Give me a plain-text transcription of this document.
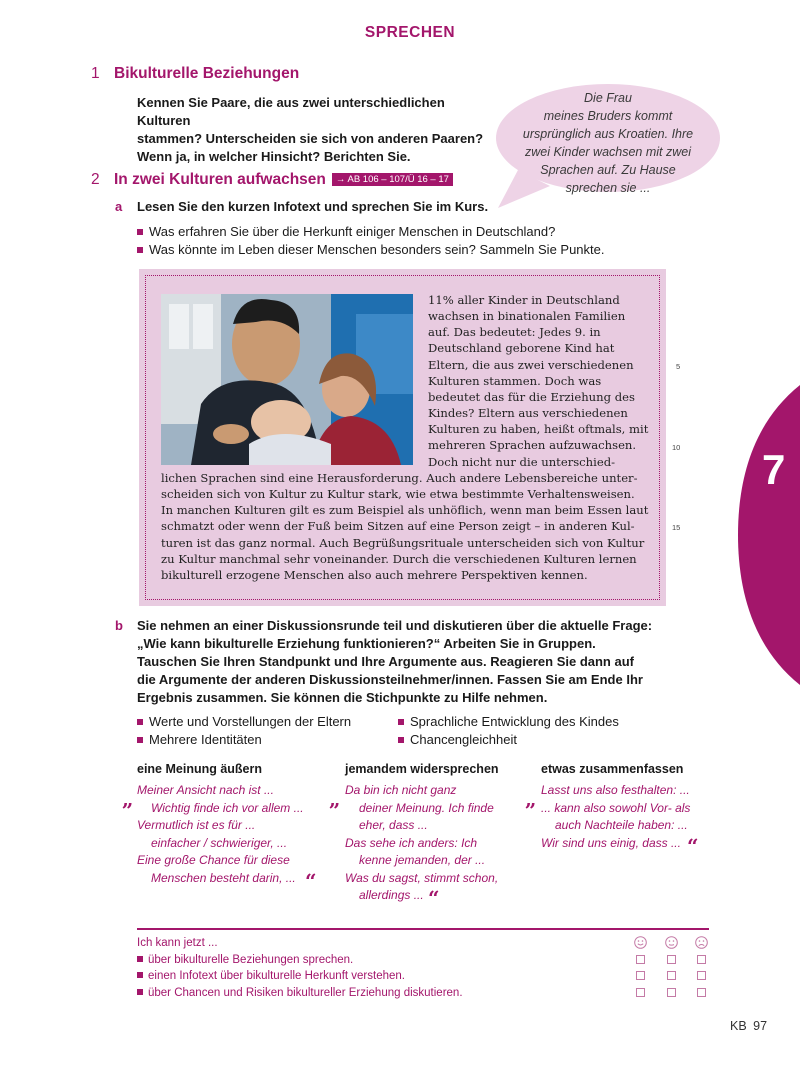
7
SPRECHEN
1 Bikulturelle Beziehungen
Kennen Sie Paare, die aus zwei unterschiedlichen Kulturen
stammen? Unterscheiden sie sich von anderen Paaren?
Wenn ja, in welcher Hinsicht? Berichten Sie.
Die Frau
meines Bruders kommt
ursprünglich aus Kroatien. Ihre
zwei Kinder wachsen mit zwei
Sprachen auf. Zu Hause
sprechen sie ...
2 In zwei Kulturen aufwachsen → AB 106 – 107/Ü 16 – 17
a Lesen Sie den kurzen Infotext und sprechen Sie im Kurs.
Was erfahren Sie über die Herkunft einiger Menschen in Deutschland?
Was könnte im Leben dieser Menschen besonders sein? Sammeln Sie Punkte.
11% aller Kinder in Deutschland
wachsen in binationalen Familien
auf. Das bedeutet: Jedes 9. in
Deutschland geborene Kind hat
Eltern, die aus zwei verschiedenen
Kulturen stammen. Doch was
bedeutet das für die Erziehung des
Kindes? Eltern aus verschiedenen
Kulturen zu haben, heißt oftmals, mit
mehreren Sprachen aufzuwachsen.
Doch nicht nur die unterschied-
lichen Sprachen sind eine Herausforderung. Auch andere Lebensbereiche unter-
scheiden sich von Kultur zu Kultur stark, wie etwa bestimmte Verhaltensweisen.
In manchen Kulturen gilt es zum Beispiel als unhöflich, wenn man beim Essen laut
schmatzt oder wenn der Fuß beim Sitzen auf eine Person zeigt – in anderen Kul-
turen ist das ganz normal. Auch Begrüßungsrituale unterscheiden sich von Kultur
zu Kultur manchmal sehr voneinander. Durch die verschiedenen Kulturen lernen
bikulturell erzogene Menschen also auch mehrere Perspektiven kennen.
5
10
15
b Sie nehmen an einer Diskussionsrunde teil und diskutieren über die aktuelle Frage:
„Wie kann bikulturelle Erziehung funktionieren?“ Arbeiten Sie in Gruppen.
Tauschen Sie Ihren Standpunkt und Ihre Argumente aus. Reagieren Sie dann auf
die Argumente der anderen Diskussionsteilnehmer/innen. Fassen Sie am Ende Ihr
Ergebnis zusammen. Sie können die Stichpunkte zu Hilfe nehmen.
Werte und Vorstellungen der Eltern
Mehrere Identitäten
Sprachliche Entwicklung des Kindes
Chancengleichheit
eine Meinung äußern	jemandem widersprechen	etwas zusammenfassen
„ Meiner Ansicht nach ist ...
Wichtig finde ich vor allem ...
Vermutlich ist es für ...
einfacher / schwieriger, ...
Eine große Chance für diese
Menschen besteht darin, ... “
„ Da bin ich nicht ganz
deiner Meinung. Ich finde
eher, dass ...
Das sehe ich anders: Ich
kenne jemanden, der ...
Was du sagst, stimmt schon,
allerdings ... “
„ Lasst uns also festhalten: ...
... kann also sowohl Vor- als
auch Nachteile haben: ...
Wir sind uns einig, dass ... “
Ich kann jetzt ...
über bikulturelle Beziehungen sprechen.
einen Infotext über bikulturelle Herkunft verstehen.
über Chancen und Risiken bikultureller Erziehung diskutieren.
KB 97
